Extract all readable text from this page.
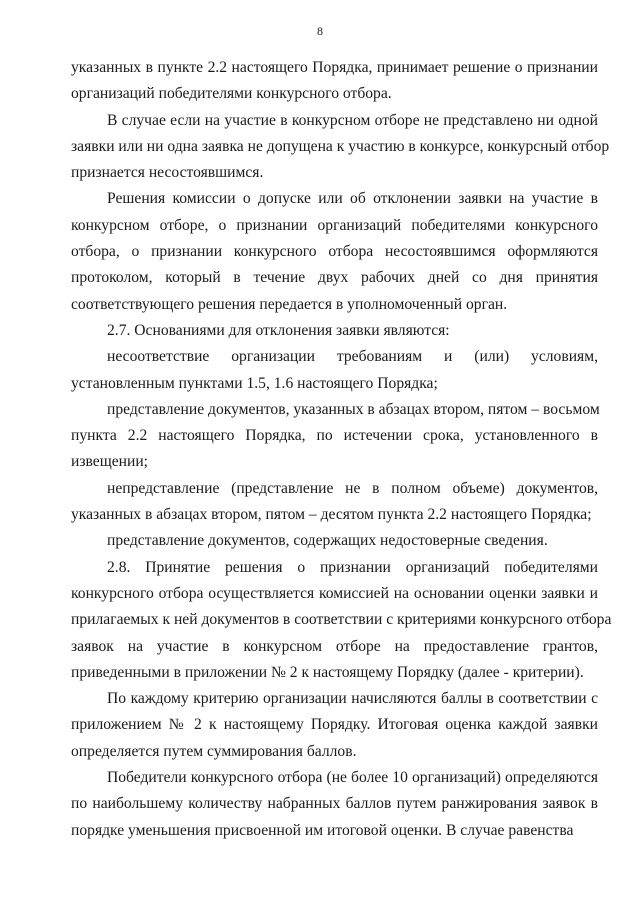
8

указанных в пункте 2.2 настоящего Порядка, принимает решение о признании
организаций победителями конкурсного отбора.

В случае если на участие в конкурсном отборе не представлено ни одной
заявки или ни одна заявка не допущена к участию в конкурсе, конкурсный отбор
признается несостоявшимся.

Решения комиссии о допуске или об отклонении заявки на участие в
конкурсном отборе, о признании организаций победителями конкурсного
отбора, о признании конкурсного отбора несостоявшимся оформляются
протоколом, который в течение двух рабочих дней со дня принятия
соответствующего решения передается в уполномоченный орган.

2.7. Основаниями для отклонения заявки являются:

несоответствие организации требованиям и (или) условиям,
установленным пунктами 1.5, 1.6 настоящего Порядка;

представление документов, указанных в абзацах втором, пятом – восьмом
пункта 2.2 настоящего Порядка, по истечении срока, установленного в
извещении;

непредставление (представление не в полном объеме) документов,
указанных в абзацах втором, пятом – десятом пункта 2.2 настоящего Порядка;

представление документов, содержащих недостоверные сведения.

2.8. Принятие решения о признании организаций победителями
конкурсного отбора осуществляется комиссией на основании оценки заявки и
прилагаемых к ней документов в соответствии с критериями конкурсного отбора
заявок на участие в конкурсном отборе на предоставление грантов,
приведенными в приложении № 2 к настоящему Порядку (далее - критерии).

По каждому критерию организации начисляются баллы в соответствии с
приложением № 2 к настоящему Порядку. Итоговая оценка каждой заявки
определяется путем суммирования баллов.

Победители конкурсного отбора (не более 10 организаций) определяются
по наибольшему количеству набранных баллов путем ранжирования заявок в
порядке уменьшения присвоенной им итоговой оценки. В случае равенства
